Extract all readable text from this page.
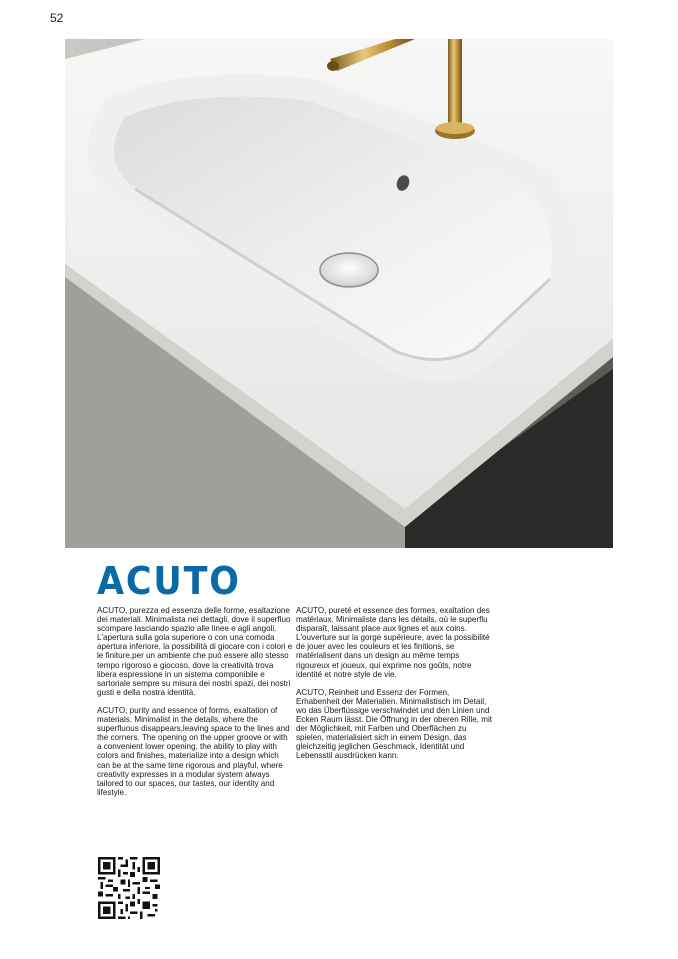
52
ACUTO

ACUTO, purezza ed essenza delle forme, esaltazione dei materiali. Minimalista nei dettagli, dove il superfluo scompare lasciando spazio alle linee e agli angoli. L'apertura sulla gola superiore o con una comoda apertura inferiore, la possibilità di giocare con i colori e le finiture,per un ambiente che può essere allo stesso tempo rigoroso e giocoso, dove la creatività trova libera espressione in un sistema componibile e sartoriale sempre su misura dei nostri spazi, dei nostri gusti e della nostra identità.

ACUTO, purity and essence of forms, exaltation of materials. Minimalist in the details, where the superfluous disappears,leaving space to the lines and the corners. The opening on the upper groove or with a convenient lower opening, the ability to play with colors and finishes, materialize into a design which can be at the same time rigorous and playful, where creativity expresses in a modular system always tailored to our spaces, our tastes, our identity and lifestyle.

ACUTO, pureté et essence des formes, exaltation des matériaux. Minimaliste dans les détails, où le superflu disparaît, laissant place aux lignes et aux coins. L'ouverture sur la gorge supérieure, avec la possibilité de jouer avec les couleurs et les finitions, se matérialisent dans un design au même temps rigoureux et joueux, qui exprime nos goûts, notre identité et notre style de vie.

ACUTO, Reinheit und Essenz der Formen, Erhabenheit der Materialien. Minimalistisch im Detail, wo das Überflüssige verschwindet und den Linien und Ecken Raum lässt. Die Öffnung in der oberen Rille, mit der Möglichkeit, mit Farben und Oberflächen zu spielen, materialisiert sich in einem Design, das gleichzeitig jeglichen Geschmack, Identität und Lebensstil ausdrücken kann.
